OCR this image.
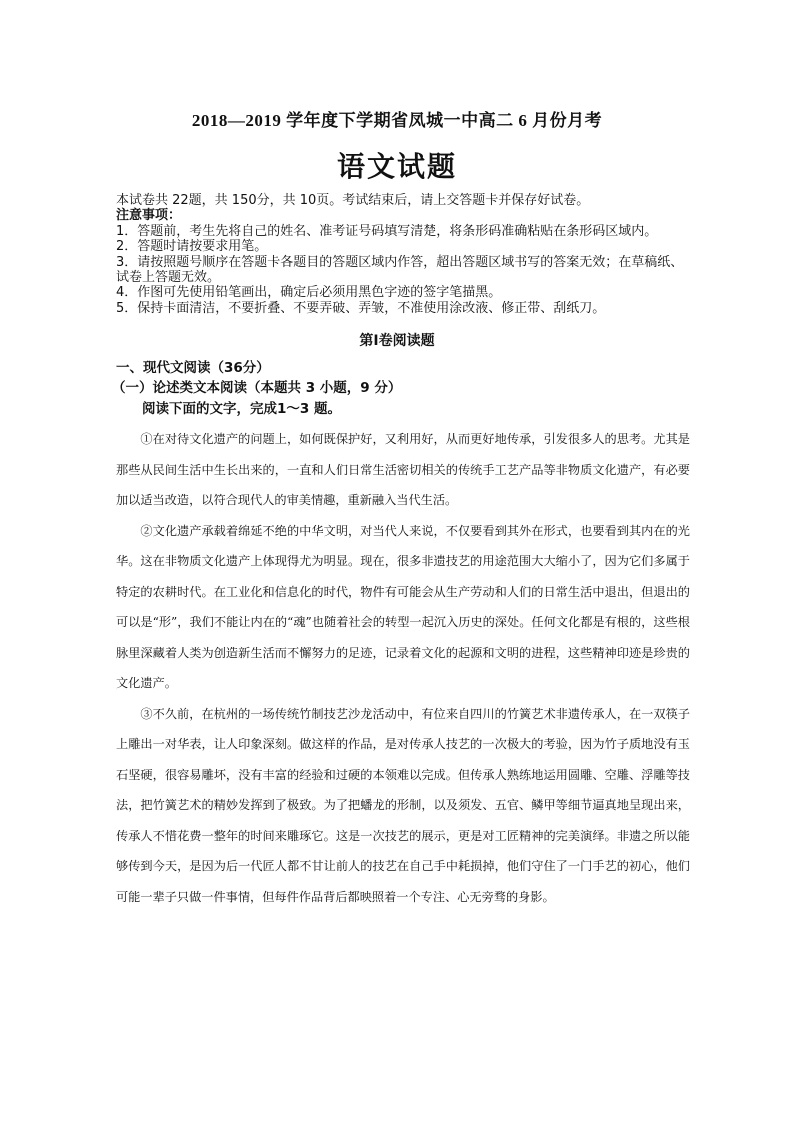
2018—2019 学年度下学期省凤城一中高二 6 月份月考
语文试题

本试卷共 22题，共 150分，共 10页。考试结束后，请上交答题卡并保存好试卷。

注意事项：

1．答题前，考生先将自己的姓名、准考证号码填写清楚，将条形码准确粘贴在条形码区域内。

2．答题时请按要求用笔。

3．请按照题号顺序在答题卡各题目的答题区域内作答，超出答题区域书写的答案无效；在草稿纸、试卷上答题无效。

4．作图可先使用铅笔画出，确定后必须用黑色字迹的签字笔描黑。

5．保持卡面清洁，不要折叠、不要弄破、弄皱，不准使用涂改液、修正带、刮纸刀。

第Ⅰ卷阅读题
一、现代文阅读（36分）
（一）论述类文本阅读（本题共 3 小题，9 分）
阅读下面的文字，完成1～3 题。

①在对待文化遗产的问题上，如何既保护好，又利用好，从而更好地传承，引发很多人的思考。尤其是那些从民间生活中生长出来的，一直和人们日常生活密切相关的传统手工艺产品等非物质文化遗产，有必要加以适当改造，以符合现代人的审美情趣，重新融入当代生活。

②文化遗产承载着绵延不绝的中华文明，对当代人来说，不仅要看到其外在形式，也要看到其内在的光华。这在非物质文化遗产上体现得尤为明显。现在，很多非遗技艺的用途范围大大缩小了，因为它们多属于特定的农耕时代。在工业化和信息化的时代，物件有可能会从生产劳动和人们的日常生活中退出，但退出的可以是“形”，我们不能让内在的“魂”也随着社会的转型一起沉入历史的深处。任何文化都是有根的，这些根脉里深藏着人类为创造新生活而不懈努力的足迹，记录着文化的起源和文明的进程，这些精神印迹是珍贵的文化遗产。

③不久前，在杭州的一场传统竹制技艺沙龙活动中，有位来自四川的竹簧艺术非遗传承人，在一双筷子上雕出一对华表，让人印象深刻。做这样的作品，是对传承人技艺的一次极大的考验，因为竹子质地没有玉石坚硬，很容易雕坏，没有丰富的经验和过硬的本领难以完成。但传承人熟练地运用圆雕、空雕、浮雕等技法，把竹簧艺术的精妙发挥到了极致。为了把蟠龙的形制，以及须发、五官、鳞甲等细节逼真地呈现出来，传承人不惜花费一整年的时间来雕琢它。这是一次技艺的展示，更是对工匠精神的完美演绎。非遗之所以能够传到今天，是因为后一代匠人都不甘让前人的技艺在自己手中耗损掉，他们守住了一门手艺的初心，他们可能一辈子只做一件事情，但每件作品背后都映照着一个专注、心无旁骛的身影。
